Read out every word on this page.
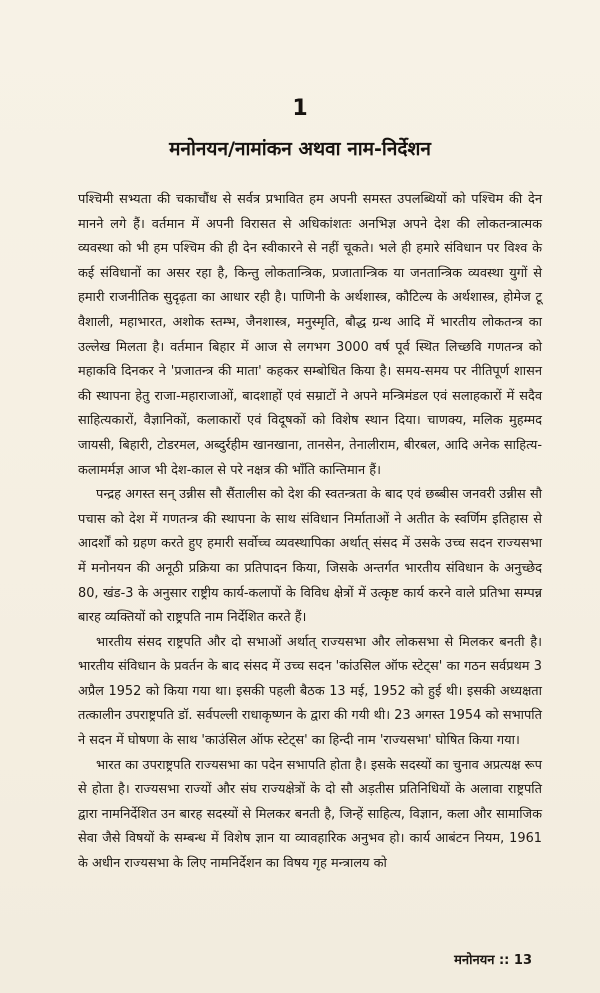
1
मनोनयन/नामांकन अथवा नाम-निर्देशन

पश्चिमी सभ्यता की चकाचौंध से सर्वत्र प्रभावित हम अपनी समस्त उपलब्धियों को पश्चिम की देन मानने लगे हैं। वर्तमान में अपनी विरासत से अधिकांशतः अनभिज्ञ अपने देश की लोकतन्त्रात्मक व्यवस्था को भी हम पश्चिम की ही देन स्वीकारने से नहीं चूकते। भले ही हमारे संविधान पर विश्व के कई संविधानों का असर रहा है, किन्तु लोकतान्त्रिक, प्रजातान्त्रिक या जनतान्त्रिक व्यवस्था युगों से हमारी राजनीतिक सुदृढ़ता का आधार रही है। पाणिनी के अर्थशास्त्र, कौटिल्य के अर्थशास्त्र, होमेज टू वैशाली, महाभारत, अशोक स्तम्भ, जैनशास्त्र, मनुस्मृति, बौद्ध ग्रन्थ आदि में भारतीय लोकतन्त्र का उल्लेख मिलता है। वर्तमान बिहार में आज से लगभग 3000 वर्ष पूर्व स्थित लिच्छवि गणतन्त्र को महाकवि दिनकर ने 'प्रजातन्त्र की माता' कहकर सम्बोधित किया है। समय-समय पर नीतिपूर्ण शासन की स्थापना हेतु राजा-महाराजाओं, बादशाहों एवं सम्राटों ने अपने मन्त्रिमंडल एवं सलाहकारों में सदैव साहित्यकारों, वैज्ञानिकों, कलाकारों एवं विदूषकों को विशेष स्थान दिया। चाणक्य, मलिक मुहम्मद जायसी, बिहारी, टोडरमल, अब्दुर्रहीम खानखाना, तानसेन, तेनालीराम, बीरबल, आदि अनेक साहित्य-कलामर्मज्ञ आज भी देश-काल से परे नक्षत्र की भाँति कान्तिमान हैं।

पन्द्रह अगस्त सन् उन्नीस सौ सैंतालीस को देश की स्वतन्त्रता के बाद एवं छब्बीस जनवरी उन्नीस सौ पचास को देश में गणतन्त्र की स्थापना के साथ संविधान निर्माताओं ने अतीत के स्वर्णिम इतिहास से आदर्शों को ग्रहण करते हुए हमारी सर्वोच्च व्यवस्थापिका अर्थात् संसद में उसके उच्च सदन राज्यसभा में मनोनयन की अनूठी प्रक्रिया का प्रतिपादन किया, जिसके अन्तर्गत भारतीय संविधान के अनुच्छेद 80, खंड-3 के अनुसार राष्ट्रीय कार्य-कलापों के विविध क्षेत्रों में उत्कृष्ट कार्य करने वाले प्रतिभा सम्पन्न बारह व्यक्तियों को राष्ट्रपति नाम निर्देशित करते हैं।

भारतीय संसद राष्ट्रपति और दो सभाओं अर्थात् राज्यसभा और लोकसभा से मिलकर बनती है। भारतीय संविधान के प्रवर्तन के बाद संसद में उच्च सदन 'कांउसिल ऑफ स्टेट्स' का गठन सर्वप्रथम 3 अप्रैल 1952 को किया गया था। इसकी पहली बैठक 13 मई, 1952 को हुई थी। इसकी अध्यक्षता तत्कालीन उपराष्ट्रपति डॉ. सर्वपल्ली राधाकृष्णन के द्वारा की गयी थी। 23 अगस्त 1954 को सभापति ने सदन में घोषणा के साथ 'काउंसिल ऑफ स्टेट्स' का हिन्दी नाम 'राज्यसभा' घोषित किया गया।

भारत का उपराष्ट्रपति राज्यसभा का पदेन सभापति होता है। इसके सदस्यों का चुनाव अप्रत्यक्ष रूप से होता है। राज्यसभा राज्यों और संघ राज्यक्षेत्रों के दो सौ अड़तीस प्रतिनिधियों के अलावा राष्ट्रपति द्वारा नामनिर्देशित उन बारह सदस्यों से मिलकर बनती है, जिन्हें साहित्य, विज्ञान, कला और सामाजिक सेवा जैसे विषयों के सम्बन्ध में विशेष ज्ञान या व्यावहारिक अनुभव हो। कार्य आबंटन नियम, 1961 के अधीन राज्यसभा के लिए नामनिर्देशन का विषय गृह मन्त्रालय को

मनोनयन :: 13
